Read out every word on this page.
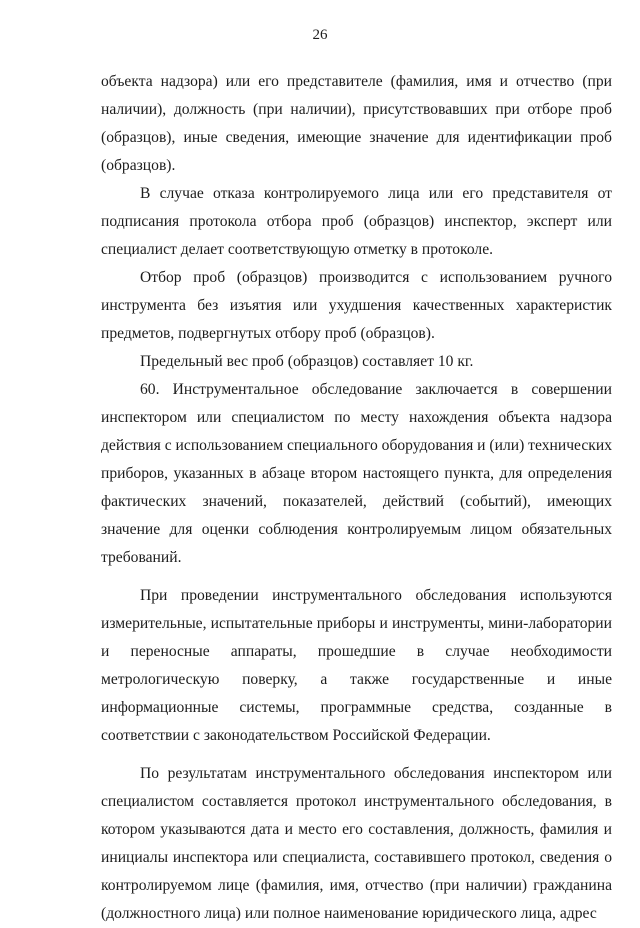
26

объекта надзора) или его представителе (фамилия, имя и отчество (при наличии), должность (при наличии), присутствовавших при отборе проб (образцов), иные сведения, имеющие значение для идентификации проб (образцов).

В случае отказа контролируемого лица или его представителя от подписания протокола отбора проб (образцов) инспектор, эксперт или специалист делает соответствующую отметку в протоколе.

Отбор проб (образцов) производится с использованием ручного инструмента без изъятия или ухудшения качественных характеристик предметов, подвергнутых отбору проб (образцов).

Предельный вес проб (образцов) составляет 10 кг.

60. Инструментальное обследование заключается в совершении инспектором или специалистом по месту нахождения объекта надзора действия с использованием специального оборудования и (или) технических приборов, указанных в абзаце втором настоящего пункта, для определения фактических значений, показателей, действий (событий), имеющих значение для оценки соблюдения контролируемым лицом обязательных требований.

При проведении инструментального обследования используются измерительные, испытательные приборы и инструменты, мини-лаборатории и переносные аппараты, прошедшие в случае необходимости метрологическую поверку, а также государственные и иные информационные системы, программные средства, созданные в соответствии с законодательством Российской Федерации.

По результатам инструментального обследования инспектором или специалистом составляется протокол инструментального обследования, в котором указываются дата и место его составления, должность, фамилия и инициалы инспектора или специалиста, составившего протокол, сведения о контролируемом лице (фамилия, имя, отчество (при наличии) гражданина (должностного лица) или полное наименование юридического лица, адрес
